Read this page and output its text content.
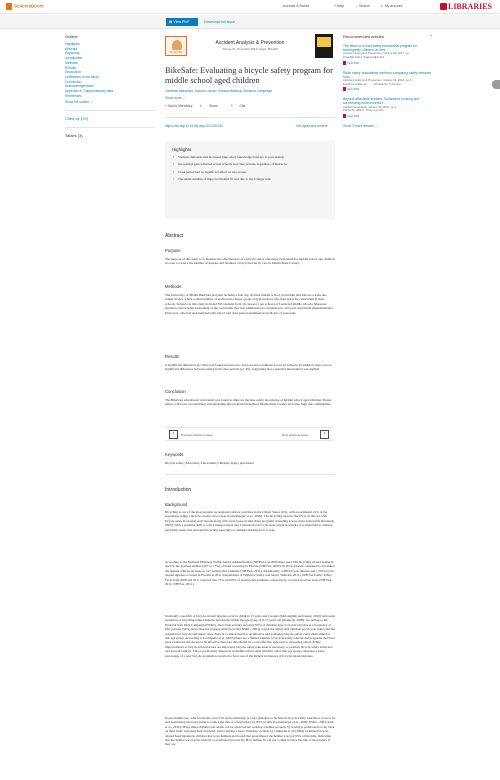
ScienceDirect	Journals & Books	? Help	⌕ Search	☺ My account	LIBRARIES
▤ View PDF	Download full issue
Outline
Highlights
Abstract
Keywords
Introduction
Methods
Results
Discussion
Limitations of the study
Conclusion
Acknowledgements
Appendix A. Supplementary data
References
Show full outline ⌄
Cited by (29)
Tables (3)
ELSEVIER
Accident Analysis & Prevention
Volume 61, December 2013, Pages 352-360
BikeSafe: Evaluating a bicycle safety program for middle school aged children
Jonathan Macarthur, Antonio Laredo, Viviana Mallorca, Susanna Campestre
Show more ⌄
+ Add to Mendeley ⇪ Share	❝ Cite
https://doi.org/10.1016/j.aap.2013.08.022	Get rights and content
Highlights
• Students demonstrated increased bike safety knowledge from pre to post-testing.
• Knowledge gain achieved across schools and class periods, regardless of instructor.
• Class period had no significant effect on test scores.
• The understanding of improved helmet fit was due to the 2-finger rule.
Abstract
Purpose
The purpose of this study is to measure the effectiveness of a bicycle safety education curriculum for middle school age children in order to reduce the number of injuries and fatalities of bicyclists hit by cars in Miami-Dade County.
Methods
The University of Miami BikeSafe program includes a four day off-bike middle school curriculum that follows a train-the-trainer model, where a small number of staff trains a larger group of gym teachers who then teach the curriculum in their schools. Subjects in this study included 393 students from 16 classes (1 per school) at 6 selected middle schools. Measures included a knowledge assessment of the curriculum that was administered to students pre- and post-curriculum implementation. Data were collected and analyzed with school and class period examined as predictors of post-tests.
Results
A significant difference (p<.001) was found between pre- and post-test conditions across all subjects. In addition, there was no significant difference between testing from class periods (p>.05), suggesting that a standard intervention was applied.
Conclusion
The BikeSafe educational curriculum was found to improve the bike safety knowledge of middle school aged children. Future efforts will focus on sustaining and expanding this program throughout Miami-Dade County and other high risk communities.
‹	Previous article in issue	Next article in issue	›
Keywords
Bicycle safety; Education; Curriculum; Children; Injury prevention
Introduction
Background
Bicycling is one of the most popular recreational outdoor activities in the United States (US), with an estimated 41% of the population riding a bicycle at least once a year (Gottenberger et al., 2009). The bicycling trend in the US is on the rise with bicycle sales increasing each decade along with an increase in bike share programs spreading across cities nationwide (Kennedy, 2008). With a potential shift to active transportation and a national focus to increase physical activity, it is important to address the safety issues that surround bicycling especially to children learning how to ride.
According to the National Highway Traffic Safety Administration (NHTSA), in 2009 there were 630 bicycling related deaths in the US, the greatest number (107 or 17%) of them occurring in Florida (NHTSA, 2009). In 2010, Florida continued to be ranked the highest with an increase to 127 pedalcyclist fatalities (NHTSA, 2011). Additionally, 2,000 bicycle injuries and 1,700 bicycle related injuries occurred in Florida in 2011 (Department of Highway Safety and Motor Vehicles, 2011). NHTSA Traffic Safety Facts from 2008 and 2011 reported that 72% and 69% of pedalcyclist fatalities, respectively, occurred in urban areas (NHTSA, 2011; NHTSA, 2011).
Nationally, one-fifth of bicycle-related injuries occur in children 15 years and younger (McLaughlin and Glang, 2010) with peak incidence of bicycling-related injuries and deaths within the age group of 9-15 years old (Kennedy, 2008). According to the National Safe Kids Campaign (NSKC), more than seventy percent (70%) of children ages 5-14 ride bicycles at a frequency of fifty percent (50%) more than the average adult bicyclist (NSKC, 2004). Given the ability that children are bicycle riders and the potential for bicycle and injury rates, there is a critical need for an effective and evaluated bicycle safety curriculum aimed at this age group. According to Lachapelle et al. (2003) there are a limited number of bicycle safety educational programs that have been evaluated and shown to be effective therefore this should be a cost effective approach to increasing safety. While improvements to bicycle infrastructure are important, bicycle safety education is necessary to promote bicycle safety behaviors and prevent injuries. This is particularly important in middle school aged children, since this age group comprises a large percentage of a new bicycle population reported to have one of the highest incidences of bicycle related injuries.
Proper helmet use, which includes correct fit and positioning, is a key principle to include in bicycle safety education. Correct fit and positioning has been found to reduce the risk of a head injury by 85% in falls (Gottenberger et al., 2008; NSKC, 2004; Kim et al., 2010). Many times children and adults can be observed not wearing a helmet properly by having it positioned too far back on their head, exposing their forehead, and/or having a loose chinstrap. A study by Gilmartin et al. (2009) examined bicycle-related head injuries in children that wore helmets and found that upon impact the helmet was lost 93% of the time, indicating that the helmet was not the right fit or positioned incorrectly. How helmet fit can put a child at twice the risk of head injury if they are
Recommended articles	⌃
The effect of a road safety educational program for kindergarten children on their…
Accident Analysis & Prevention, Volume 98, 2017, pp…
Tiina Riis Karut, Saarel Adjimohd
View PDF
Risky riding: Naturalistic methods comparing safety behavior from…
Accident Analysis & Prevention, Volume 62, 2014, pp 1…
Kai Rove Andersen, … , Christopher S. Dreher
View PDF
Beyond affordable shelters: Subsidized housing and surrounding environments f…
Applied Geography, Volume 45, 2021, pp 2…
Patrick R. Wilson, Tracy-Lynn Ko
View PDF
Show 3 more articles ⌄
